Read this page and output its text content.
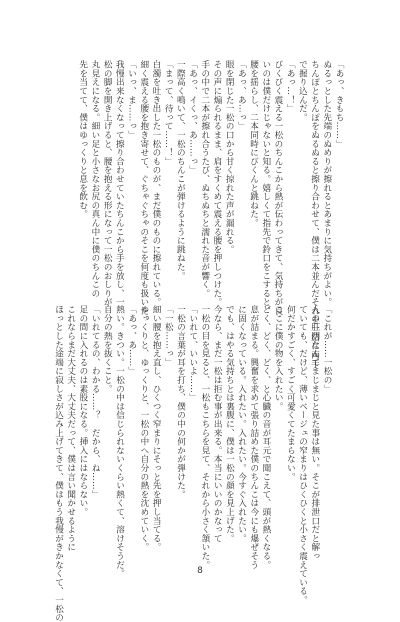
「あっ、きもち……」

ぬるっとした先端のぬめりが擦れるとあまりに気持ちがよい。

ちんぽとちんぽをぬるぬると擦り合わせて、僕は二本並んだそれを一緒に両手

で握り込んだ。

「あっ…！」

びくびく震える一松のちんこから熱が伝わってきて、気持ちが良

いのは僕だけじゃないと知る。嬉しくて指先で鈴口をこすると、

腰を揺らし、二本同時にびくんと跳ねた。

「あっ、あ…っ」

眼を閉じた一松の口から甘く掠れた声が漏れる。

その声に煽られるまま、肩をすくめて震える腰を押しつけた。

手の中で二本が擦れ合うたび、ぬちぬちと濡れた音が響く。

「あっ、イくっ、あ……っ」

一際高く鳴いて、一松のちんこが弾けるように跳ねた。

「まって、待って……！」

白濁を吐き出した一松のものが、まだ僕のものに擦れている。

細く震える腰を抱き寄せて、ぐちゃぐちゃのそこを何度も扱いた。

「いっ、ま……っ」

我慢出来なくなって擦り合わせていたちんこから手を放し、一

松の脚を開き上げると、腰を抱える形になって一松のおしりが

丸見えになる。細い足と小さなお尻の真ん中に僕のちんこの

先を当てて、僕はゆっくりと息を飲む。

「これが……一松の」

人の肛門なんてまじまじと見た事は無い。そこが排泄口だと解っ

ていても、だけど、薄いベージュの窄まりはひくひくと小さく震えている。

何だかすごく、すごく可愛くてたまらない。

ここに僕の物を入れたい。

どく、どく、どく、と心臓の音が耳元で聞こえて、頭が熱くなる。

息が詰まる。興奮を求めて張り詰めた僕のちんこは今にも爆ぜそう

に固くなっている。入れたい。入れたい。今すぐ入れたい。

でも、はやる気持ちとは裏腹に、僕は一松の顔を見上げた。

今なら、まだ一松は拒む事が出来る。本当にいいのかなって

一松の目を見ると、一松もこちらを見て、それから小さく頷いた。

「いれて、いいよ……」

一松の言葉が耳を打ち、僕の中の何かが弾けた。

「一松……っ」

細い腰を抱え直し、ひくつく窄まりにそっと先を押し当てる。

ゆっくりと、ゆっくりと、一松の中へ自分の熱を沈めていく。

「あっ、あ……」

熱い。きつい。一松の中は信じられないくらい熱くて、溶けそうだ。

自分の熱を抜くこと。

「いれてるの、わかる……？　だから、ね……」

足の間に入れるのは素股になる。挿入にはならない。

これならまだ大丈夫、大丈夫だって、僕は言い聞かせるように

ほっとした途端に寂しさが込み上げてきて、僕はもう我慢がきかなくて、一松の	8
